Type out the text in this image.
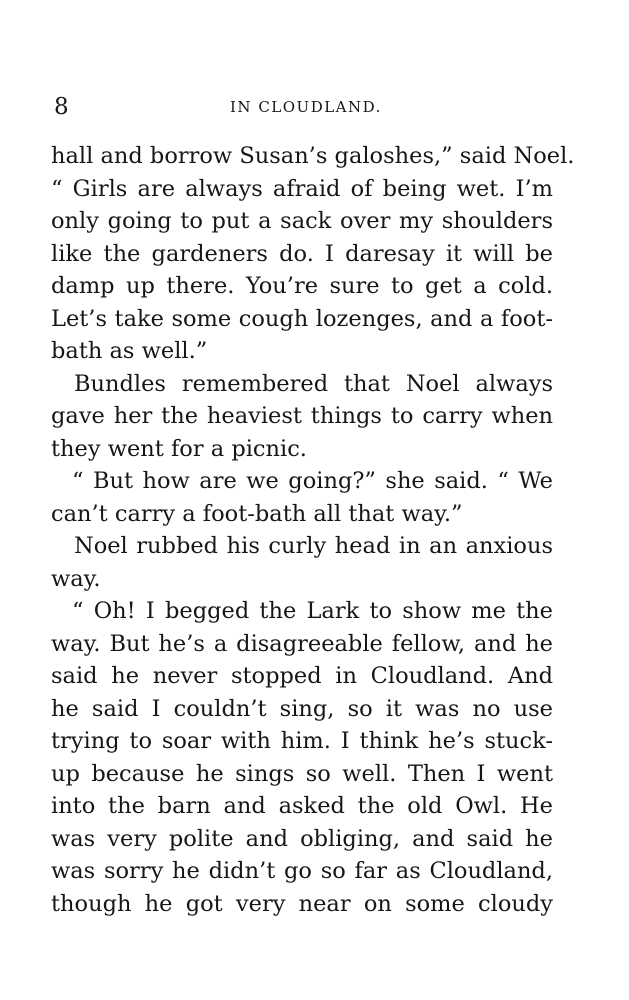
8	IN CLOUDLAND.
hall and borrow Susan’s galoshes,” said Noel.
“ Girls are always afraid of being wet. I’m
only going to put a sack over my shoulders
like the gardeners do. I daresay it will be
damp up there. You’re sure to get a cold.
Let’s take some cough lozenges, and a foot-
bath as well.”
Bundles remembered that Noel always
gave her the heaviest things to carry when
they went for a picnic.
“ But how are we going?” she said. “ We
can’t carry a foot-bath all that way.”
Noel rubbed his curly head in an anxious
way.
“ Oh! I begged the Lark to show me the
way. But he’s a disagreeable fellow, and he
said he never stopped in Cloudland. And
he said I couldn’t sing, so it was no use
trying to soar with him. I think he’s stuck-
up because he sings so well. Then I went
into the barn and asked the old Owl. He
was very polite and obliging, and said he
was sorry he didn’t go so far as Cloudland,
though he got very near on some cloudy
